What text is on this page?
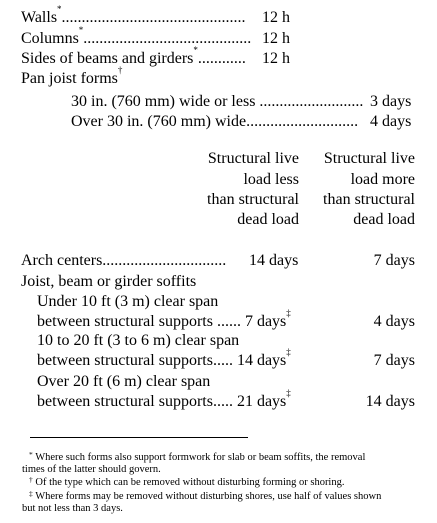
Walls*.............................................. 12 h
Columns*.......................................... 12 h
Sides of beams and girders*............ 12 h
Pan joist forms†
30 in. (760 mm) wide or less .......................... 3 days
Over 30 in. (760 mm) wide............................ 4 days
Structural live
load less
than structural
dead load
Structural live
load more
than structural
dead load
Arch centers............................... 14 days	7 days
Joist, beam or girder soffits
Under 10 ft (3 m) clear span
between structural supports ...... 7 days‡	4 days
10 to 20 ft (3 to 6 m) clear span
between structural supports..... 14 days‡	7 days
Over 20 ft (6 m) clear span
between structural supports..... 21 days‡	14 days
* Where such forms also support formwork for slab or beam soffits, the removal
times of the latter should govern.
† Of the type which can be removed without disturbing forming or shoring.
‡ Where forms may be removed without disturbing shores, use half of values shown
but not less than 3 days.
